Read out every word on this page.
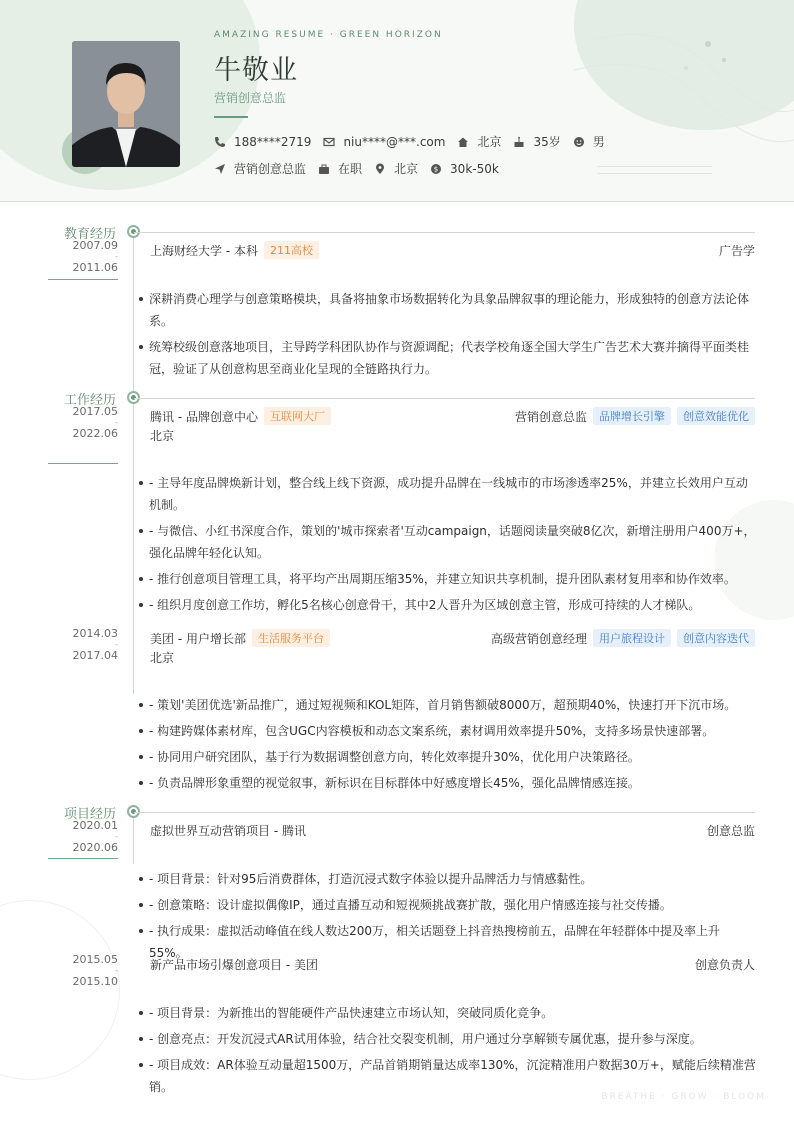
AMAZING RESUME · GREEN HORIZON
牛敬业
营销创意总监
188****2719	niu****@***.com	北京	35岁	男
营销创意总监	在职	北京 $ 30k-50k
教育经历
2007.09
-
2011.06
上海财经大学 - 本科	211高校	广告学
深耕消费心理学与创意策略模块，具备将抽象市场数据转化为具象品牌叙事的理论能力，形成独特的创意方法论体系。
统筹校级创意落地项目，主导跨学科团队协作与资源调配；代表学校角逐全国大学生广告艺术大赛并摘得平面类桂冠，验证了从创意构思至商业化呈现的全链路执行力。
工作经历
2017.05
-
2022.06
腾讯 - 品牌创意中心	互联网大厂	营销创意总监	品牌增长引擎	创意效能优化
北京
- 主导年度品牌焕新计划，整合线上线下资源，成功提升品牌在一线城市的市场渗透率25%，并建立长效用户互动机制。
- 与微信、小红书深度合作，策划的'城市探索者'互动campaign，话题阅读量突破8亿次，新增注册用户400万+，强化品牌年轻化认知。
- 推行创意项目管理工具，将平均产出周期压缩35%，并建立知识共享机制，提升团队素材复用率和协作效率。
- 组织月度创意工作坊，孵化5名核心创意骨干，其中2人晋升为区域创意主管，形成可持续的人才梯队。
2014.03
-
2017.04
美团 - 用户增长部	生活服务平台	高级营销创意经理	用户旅程设计	创意内容迭代
北京
- 策划'美团优选'新品推广，通过短视频和KOL矩阵，首月销售额破8000万，超预期40%，快速打开下沉市场。
- 构建跨媒体素材库，包含UGC内容模板和动态文案系统，素材调用效率提升50%，支持多场景快速部署。
- 协同用户研究团队，基于行为数据调整创意方向，转化效率提升30%，优化用户决策路径。
- 负责品牌形象重塑的视觉叙事，新标识在目标群体中好感度增长45%，强化品牌情感连接。
项目经历
2020.01
-
2020.06
虚拟世界互动营销项目 - 腾讯	创意总监
- 项目背景：针对95后消费群体，打造沉浸式数字体验以提升品牌活力与情感黏性。
- 创意策略：设计虚拟偶像IP，通过直播互动和短视频挑战赛扩散，强化用户情感连接与社交传播。
- 执行成果：虚拟活动峰值在线人数达200万，相关话题登上抖音热搜榜前五，品牌在年轻群体中提及率上升55%。
2015.05
-
2015.10
新产品市场引爆创意项目 - 美团	创意负责人
- 项目背景：为新推出的智能硬件产品快速建立市场认知，突破同质化竞争。
- 创意亮点：开发沉浸式AR试用体验，结合社交裂变机制，用户通过分享解锁专属优惠，提升参与深度。
- 项目成效：AR体验互动量超1500万，产品首销期销量达成率130%，沉淀精准用户数据30万+，赋能后续精准营销。
BREATHE · GROW · BLOOM
